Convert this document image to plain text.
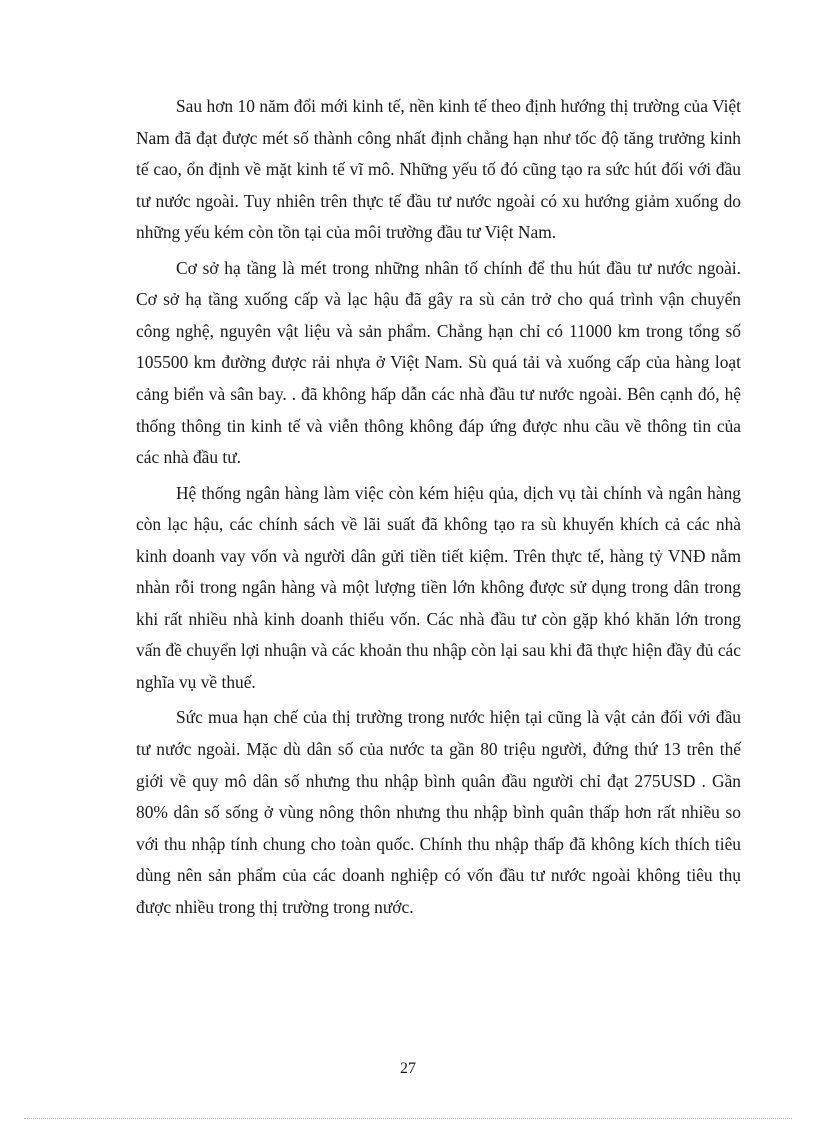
Sau hơn 10 năm đổi mới kinh tế, nền kinh tế theo định hướng thị trường của Việt Nam đã đạt được mét số thành công nhất định chẳng hạn như tốc độ tăng trưởng kinh tế cao, ổn định về mặt kinh tế vĩ mô. Những yếu tố đó cũng tạo ra sức hút đối với đầu tư nước ngoài. Tuy nhiên trên thực tế đầu tư nước ngoài có xu hướng giảm xuống do những yếu kém còn tồn tại của môi trường đầu tư Việt Nam.

Cơ sở hạ tầng là mét trong những nhân tố chính để thu hút đầu tư nước ngoài. Cơ sở hạ tầng xuống cấp và lạc hậu đã gây ra sù cản trở cho quá trình vận chuyển công nghệ, nguyên vật liệu và sản phẩm. Chẳng hạn chỉ có 11000 km trong tổng số 105500 km đường được rải nhựa ở Việt Nam. Sù quá tải và xuống cấp của hàng loạt cảng biển và sân bay. . đã không hấp dẫn các nhà đầu tư nước ngoài. Bên cạnh đó, hệ thống thông tin kinh tế và viễn thông không đáp ứng được nhu cầu về thông tin của các nhà đầu tư.

Hệ thống ngân hàng làm việc còn kém hiệu qủa, dịch vụ tài chính và ngân hàng còn lạc hậu, các chính sách về lãi suất đã không tạo ra sù khuyến khích cả các nhà kinh doanh vay vốn và người dân gửi tiền tiết kiệm. Trên thực tế, hàng tỷ VNĐ nằm nhàn rỗi trong ngân hàng và một lượng tiền lớn không được sử dụng trong dân trong khi rất nhiều nhà kinh doanh thiếu vốn. Các nhà đầu tư còn gặp khó khăn lớn trong vấn đề chuyển lợi nhuận và các khoản thu nhập còn lại sau khi đã thực hiện đầy đủ các nghĩa vụ về thuế.

Sức mua hạn chế của thị trường trong nước hiện tại cũng là vật cản đối với đầu tư nước ngoài. Mặc dù dân số của nước ta gần 80 triệu người, đứng thứ 13 trên thế giới về quy mô dân số nhưng thu nhập bình quân đầu người chỉ đạt 275USD . Gần 80% dân số sống ở vùng nông thôn nhưng thu nhập bình quân thấp hơn rất nhiều so với thu nhập tính chung cho toàn quốc. Chính thu nhập thấp đã không kích thích tiêu dùng nên sản phẩm của các doanh nghiệp có vốn đầu tư nước ngoài không tiêu thụ được nhiều trong thị trường trong nước.

27
